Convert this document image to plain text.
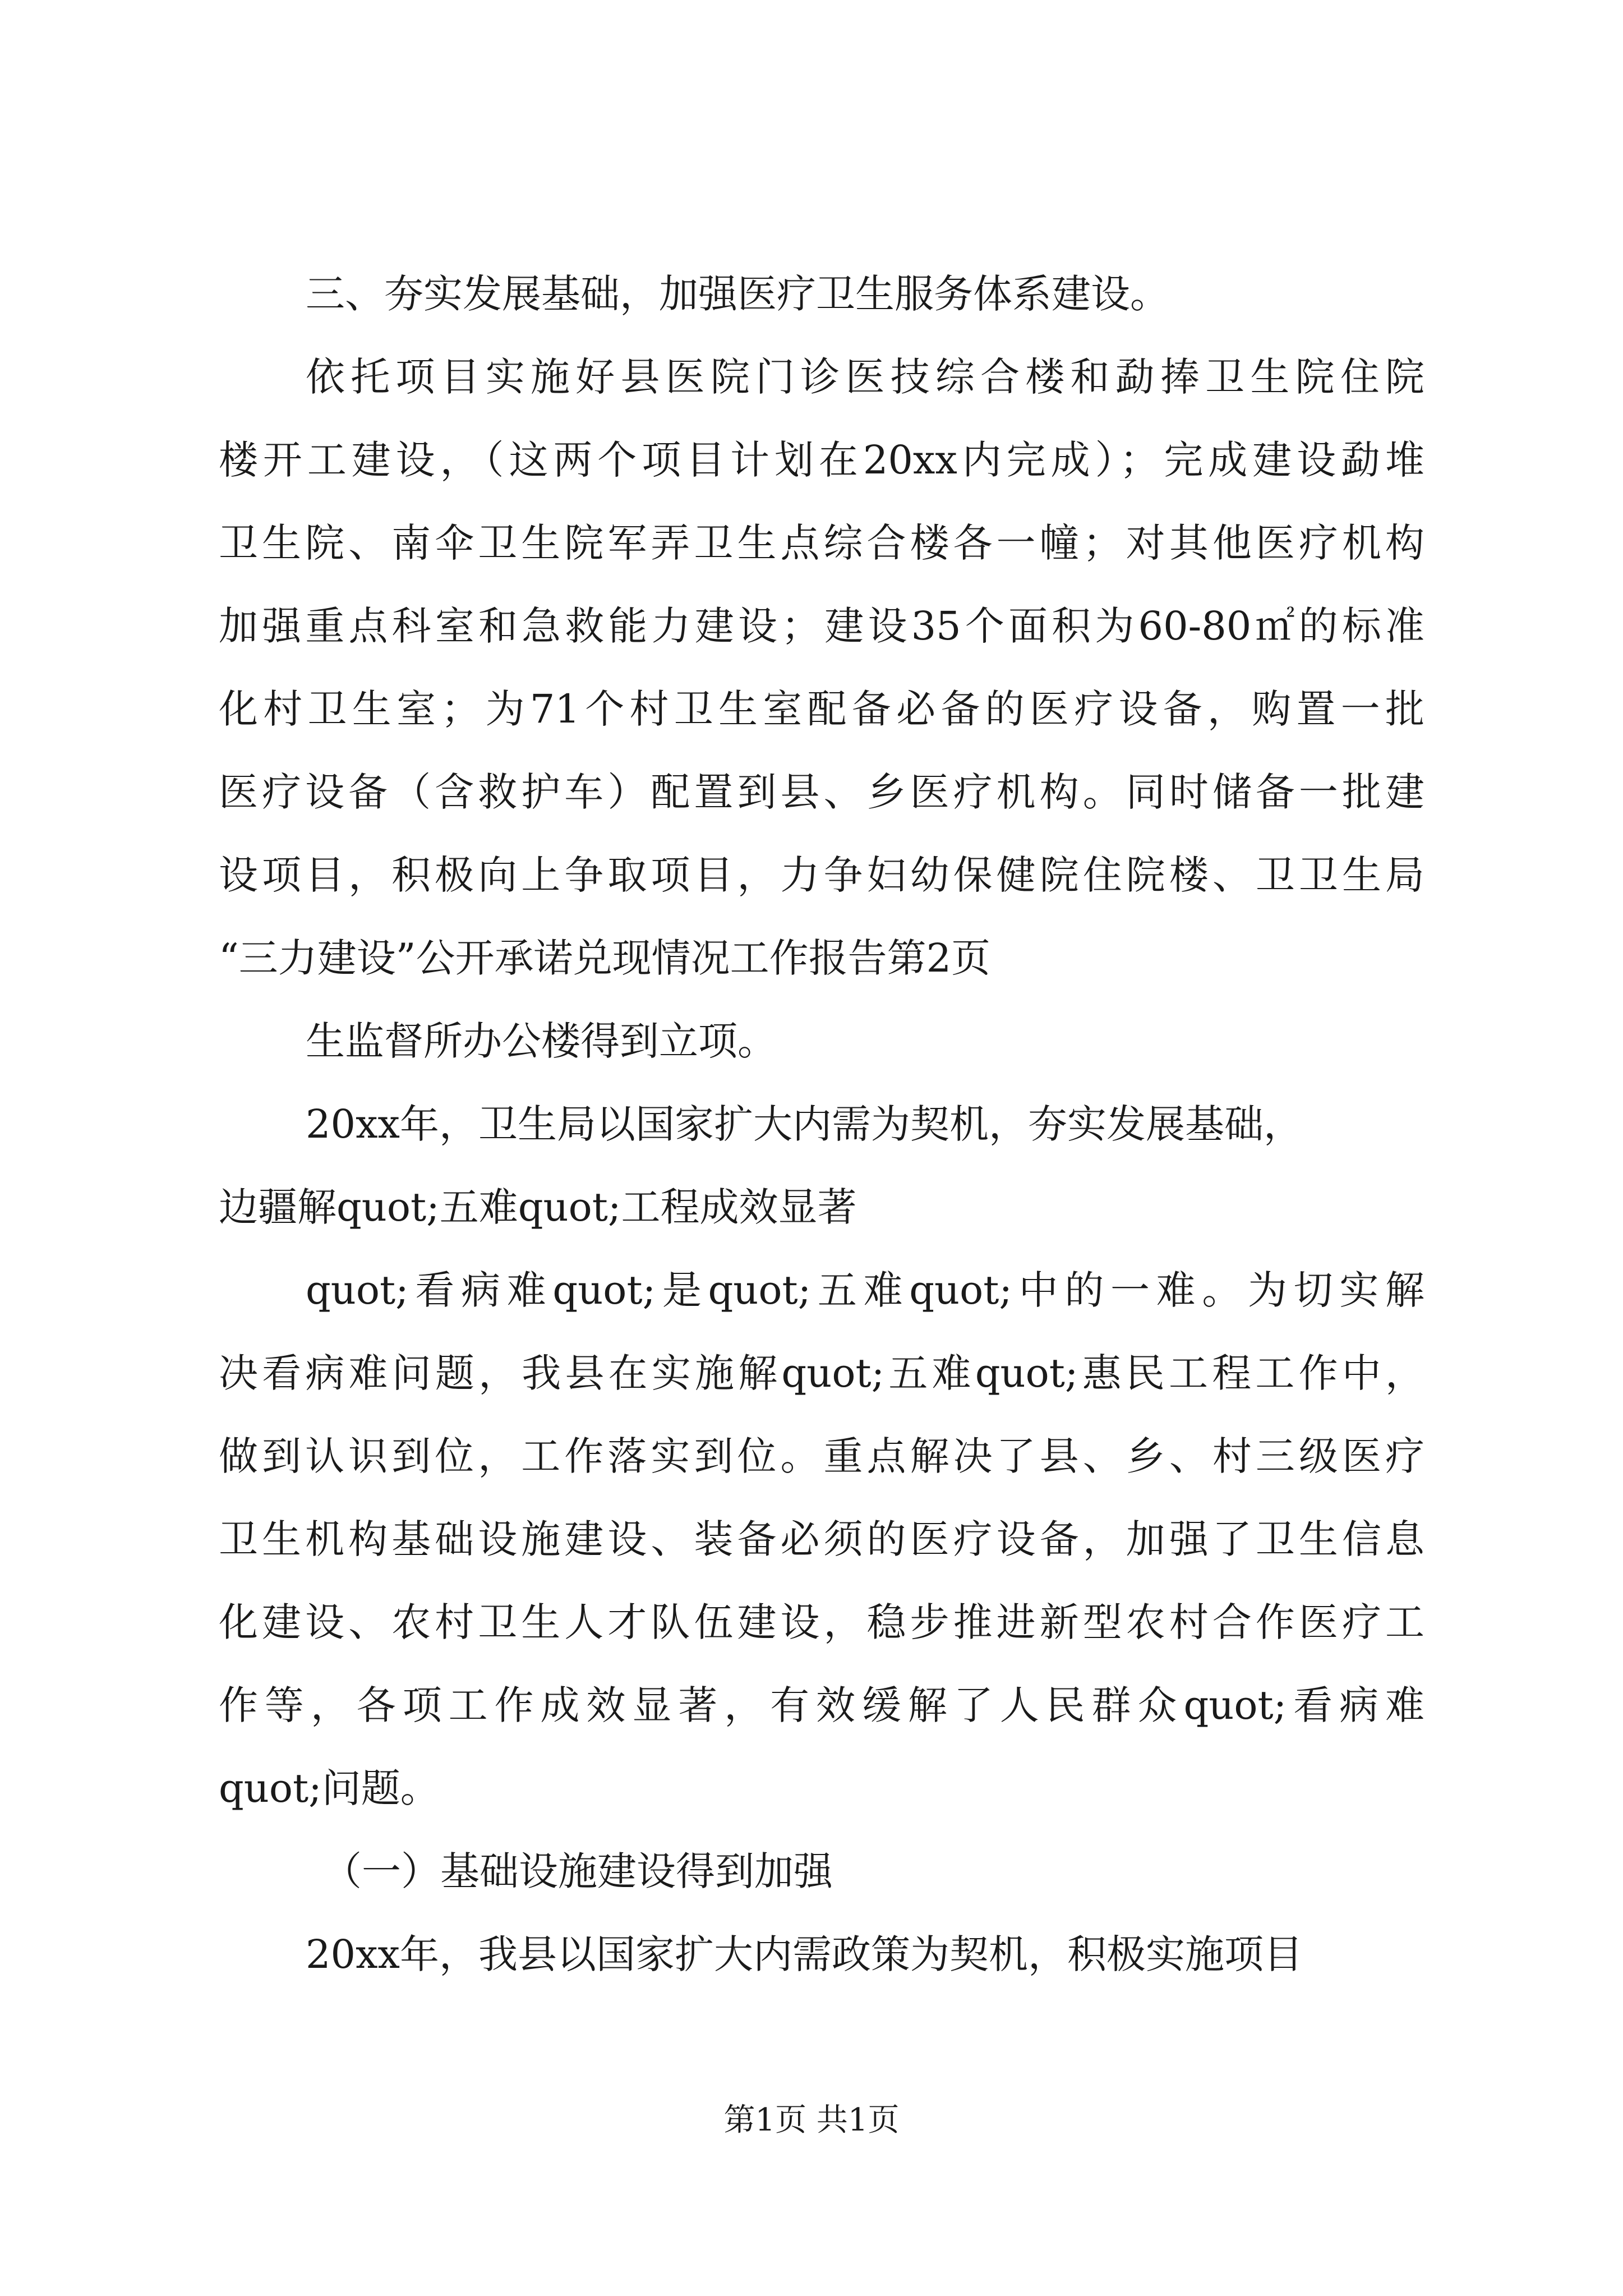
三、夯实发展基础，加强医疗卫生服务体系建设。
依托项目实施好县医院门诊医技综合楼和勐捧卫生院住院
楼开工建设，（这两个项目计划在20xx内完成）；完成建设勐堆
卫生院、南伞卫生院军弄卫生点综合楼各一幢；对其他医疗机构
加强重点科室和急救能力建设；建设35个面积为60-80㎡的标准
化村卫生室；为71个村卫生室配备必备的医疗设备，购置一批
医疗设备（含救护车）配置到县、乡医疗机构。同时储备一批建
设项目，积极向上争取项目，力争妇幼保健院住院楼、卫卫生局
“三力建设”公开承诺兑现情况工作报告第2页
生监督所办公楼得到立项。
20xx年，卫生局以国家扩大内需为契机，夯实发展基础，
边疆解quot;五难quot;工程成效显著
quot;看病难quot;是quot;五难quot;中的一难。为切实解
决看病难问题，我县在实施解quot;五难quot;惠民工程工作中，
做到认识到位，工作落实到位。重点解决了县、乡、村三级医疗
卫生机构基础设施建设、装备必须的医疗设备，加强了卫生信息
化建设、农村卫生人才队伍建设，稳步推进新型农村合作医疗工
作等，各项工作成效显著，有效缓解了人民群众quot;看病难
quot;问题。
（一）基础设施建设得到加强
20xx年，我县以国家扩大内需政策为契机，积极实施项目
第1页 共1页
